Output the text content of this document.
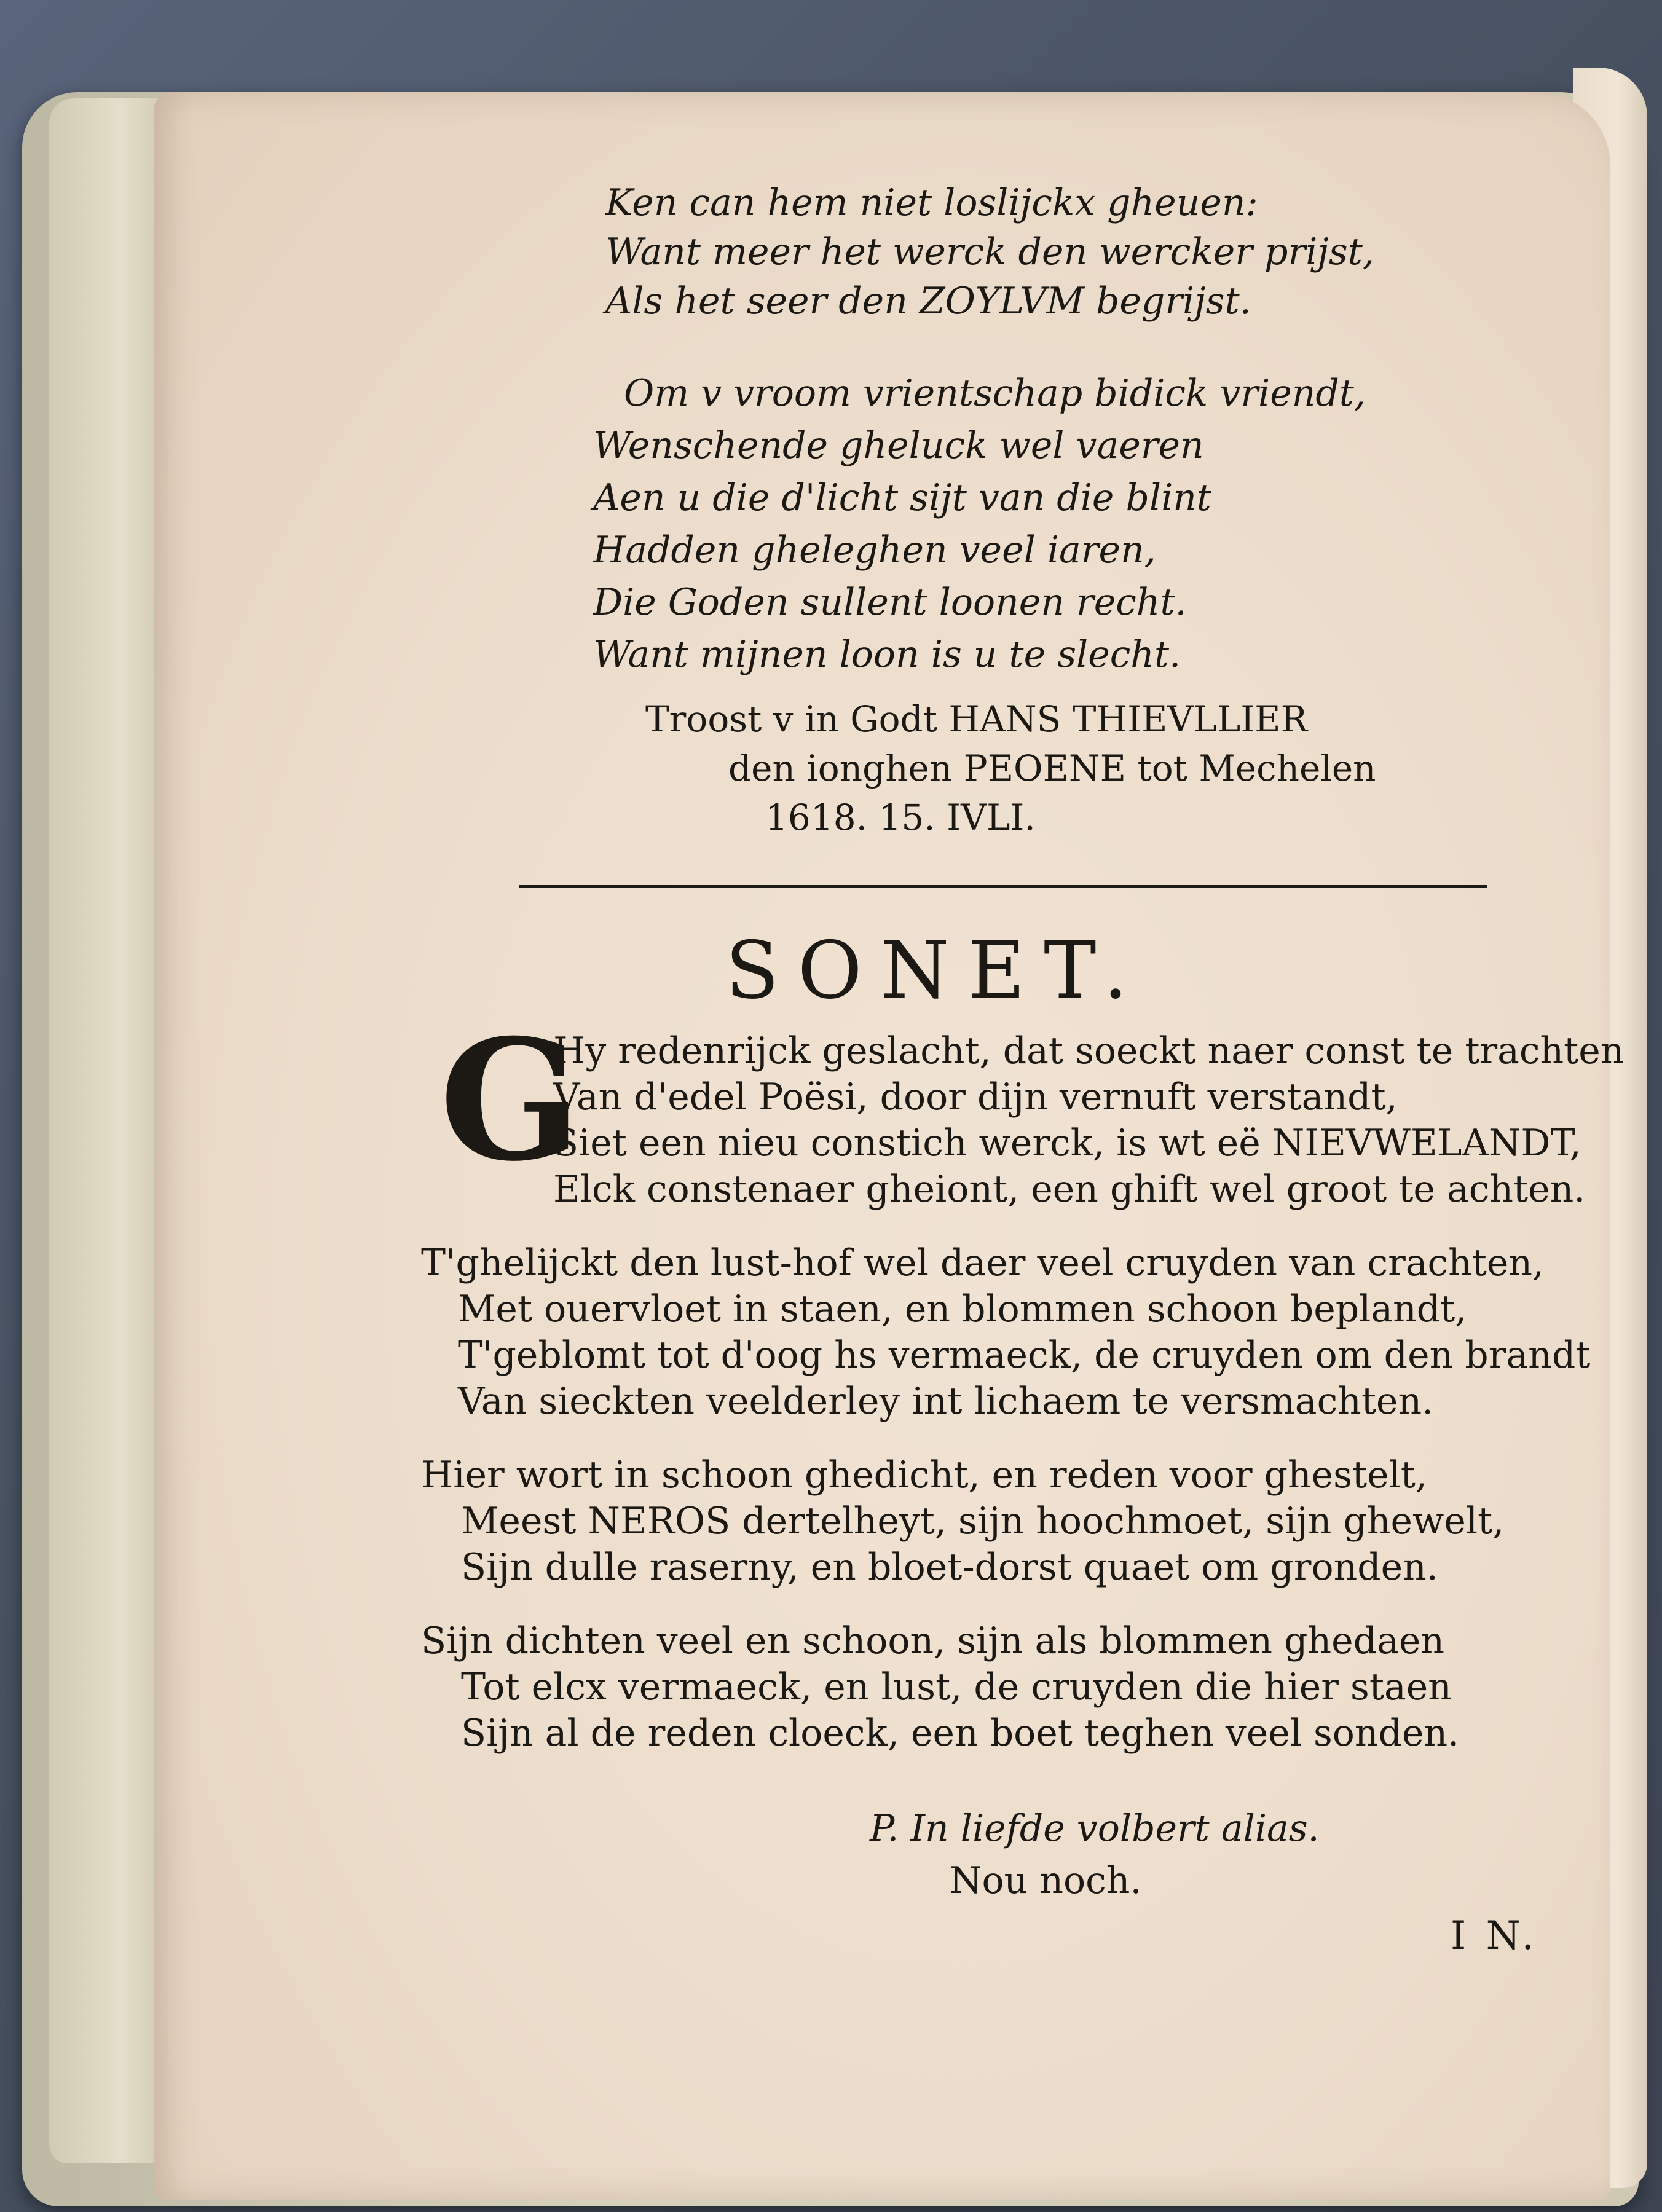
Ken can hem niet loslijckx gheuen:

Want meer het werck den wercker prijst,

Als het seer den ZOYLVM begrijst.

Om v vroom vrientschap bidick vriendt,

Wenschende gheluck wel vaeren

Aen u die d'licht sijt van die blint

Hadden gheleghen veel iaren,

Die Goden sullent loonen recht.

Want mijnen loon is u te slecht.

Troost v in Godt HANS THIEVLLIER

den ionghen PEOENE tot Mechelen

1618. 15. IVLI.

SONET.

G

Hy redenrijck geslacht, dat soeckt naer const te trachten

Van d'edel Poësi, door dijn vernuft verstandt,

Siet een nieu constich werck, is wt eë NIEVWELANDT,

Elck constenaer gheiont, een ghift wel groot te achten.

T'ghelijckt den lust-hof wel daer veel cruyden van crachten,

Met ouervloet in staen, en blommen schoon beplandt,

T'geblomt tot d'oog hs vermaeck, de cruyden om den brandt

Van sieckten veelderley int lichaem te versmachten.

Hier wort in schoon ghedicht, en reden voor ghestelt,

Meest NEROS dertelheyt, sijn hoochmoet, sijn ghewelt,

Sijn dulle raserny, en bloet-dorst quaet om gronden.

Sijn dichten veel en schoon, sijn als blommen ghedaen

Tot elcx vermaeck, en lust, de cruyden die hier staen

Sijn al de reden cloeck, een boet teghen veel sonden.

P. In liefde volbert alias.

Nou noch.

I N.
